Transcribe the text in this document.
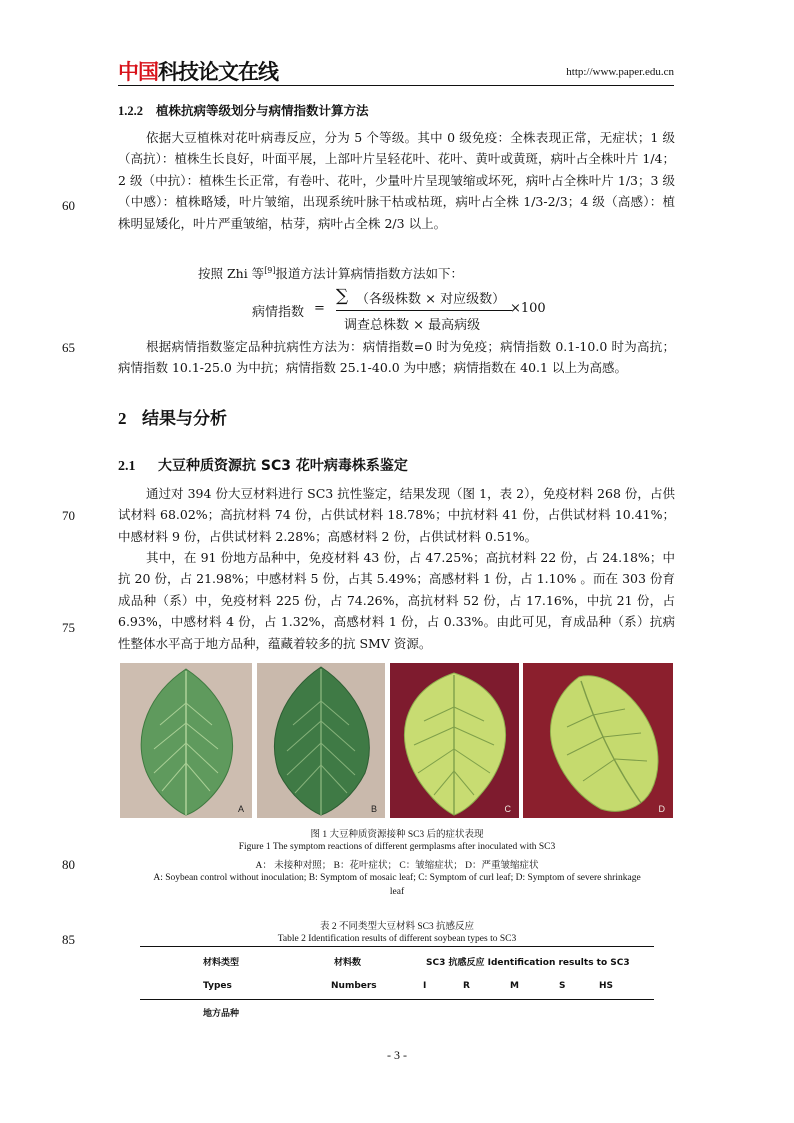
中国科技论文在线	http://www.paper.edu.cn
60
65
70
75
80
85
1.2.2 植株抗病等级划分与病情指数计算方法

依据大豆植株对花叶病毒反应，分为 5 个等级。其中 0 级免疫：全株表现正常，无症状；1 级（高抗）：植株生长良好，叶面平展，上部叶片呈轻花叶、花叶、黄叶或黄斑，病叶占全株叶片 1/4；2 级（中抗）：植株生长正常，有卷叶、花叶，少量叶片呈现皱缩或坏死，病叶占全株叶片 1/3；3 级（中感）：植株略矮，叶片皱缩，出现系统叶脉干枯或枯斑，病叶占全株 1/3-2/3；4 级（高感）：植株明显矮化，叶片严重皱缩，枯芽，病叶占全株 2/3 以上。

按照 Zhi 等[9]报道方法计算病情指数方法如下：
病情指数 =
∑ （各级株数 × 对应级数）
调查总株数 × 最高病级
×100

根据病情指数鉴定品种抗病性方法为：病情指数=0 时为免疫；病情指数 0.1-10.0 时为高抗；病情指数 10.1-25.0 为中抗；病情指数 25.1-40.0 为中感；病情指数在 40.1 以上为高感。

2 结果与分析
2.1 大豆种质资源抗 SC3 花叶病毒株系鉴定

通过对 394 份大豆材料进行 SC3 抗性鉴定，结果发现（图 1，表 2），免疫材料 268 份，占供试材料 68.02%；高抗材料 74 份，占供试材料 18.78%；中抗材料 41 份，占供试材料 10.41%；中感材料 9 份，占供试材料 2.28%；高感材料 2 份，占供试材料 0.51%。

其中，在 91 份地方品种中，免疫材料 43 份，占 47.25%；高抗材料 22 份，占 24.18%；中抗 20 份，占 21.98%；中感材料 5 份，占其 5.49%；高感材料 1 份，占 1.10% 。而在 303 份育成品种（系）中，免疫材料 225 份，占 74.26%，高抗材料 52 份，占 17.16%，中抗 21 份，占 6.93%，中感材料 4 份，占 1.32%，高感材料 1 份，占 0.33%。由此可见，育成品种（系）抗病性整体水平高于地方品种，蕴藏着较多的抗 SMV 资源。

A	B	C	D
图 1 大豆种质资源接种 SC3 后的症状表现
Figure 1 The symptom reactions of different germplasms after inoculated with SC3
A： 未接种对照； B：花叶症状； C：皱缩症状； D：严重皱缩症状
A: Soybean control without inoculation; B: Symptom of mosaic leaf; C: Symptom of curl leaf; D: Symptom of severe shrinkage
leaf
表 2 不同类型大豆材料 SC3 抗感反应
Table 2 Identification results of different soybean types to SC3
材料类型	材料数	SC3 抗感反应 Identification results to SC3
Types	Numbers	I	R	M	S	HS
地方品种
- 3 -
